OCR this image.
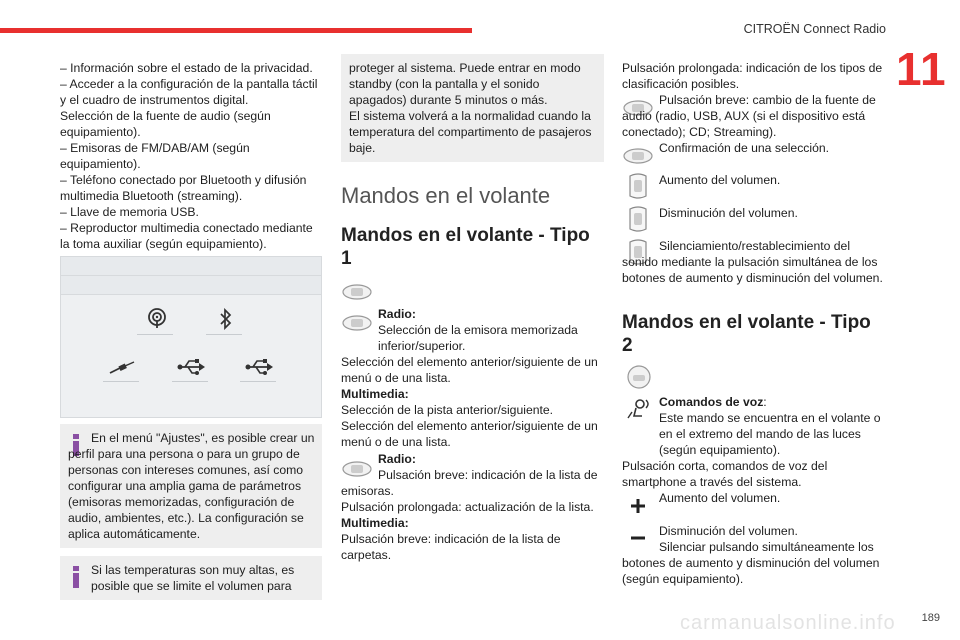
CITROËN Connect Radio
11

– Información sobre el estado de la privacidad.

– Acceder a la configuración de la pantalla táctil y el cuadro de instrumentos digital.

Selección de la fuente de audio (según equipamiento).

– Emisoras de FM/DAB/AM (según equipamiento).

– Teléfono conectado por Bluetooth y difusión multimedia Bluetooth (streaming).

– Llave de memoria USB.

– Reproductor multimedia conectado mediante la toma auxiliar (según equipamiento).

En el menú "Ajustes", es posible crear un perfil para una persona o para un grupo de personas con intereses comunes, así como configurar una amplia gama de parámetros (emisoras memorizadas, configuración de audio, ambientes, etc.). La configuración se aplica automáticamente.
Si las temperaturas son muy altas, es posible que se limite el volumen para
proteger al sistema. Puede entrar en modo standby (con la pantalla y el sonido apagados) durante 5 minutos o más.
El sistema volverá a la normalidad cuando la temperatura del compartimento de pasajeros baje.
Mandos en el volante
Mandos en el volante - Tipo 1
Radio:
Selección de la emisora memorizada inferior/superior.
Selección del elemento anterior/siguiente de un menú o de una lista.
Multimedia:
Selección de la pista anterior/siguiente.
Selección del elemento anterior/siguiente de un menú o de una lista.
Radio:
Pulsación breve: indicación de la lista de emisoras.
Pulsación prolongada: actualización de la lista.
Multimedia:
Pulsación breve: indicación de la lista de carpetas.
Pulsación prolongada: indicación de los tipos de clasificación posibles.
Pulsación breve: cambio de la fuente de audio (radio, USB, AUX (si el dispositivo está conectado); CD; Streaming).
Confirmación de una selección.
Aumento del volumen.
Disminución del volumen.
Silenciamiento/restablecimiento del sonido mediante la pulsación simultánea de los botones de aumento y disminución del volumen.
Mandos en el volante - Tipo 2
Comandos de voz:
Este mando se encuentra en el volante o en el extremo del mando de las luces (según equipamiento).
Pulsación corta, comandos de voz del smartphone a través del sistema.
Aumento del volumen.
Disminución del volumen.
Silenciar pulsando simultáneamente los botones de aumento y disminución del volumen (según equipamiento).
189
carmanualsonline.info
